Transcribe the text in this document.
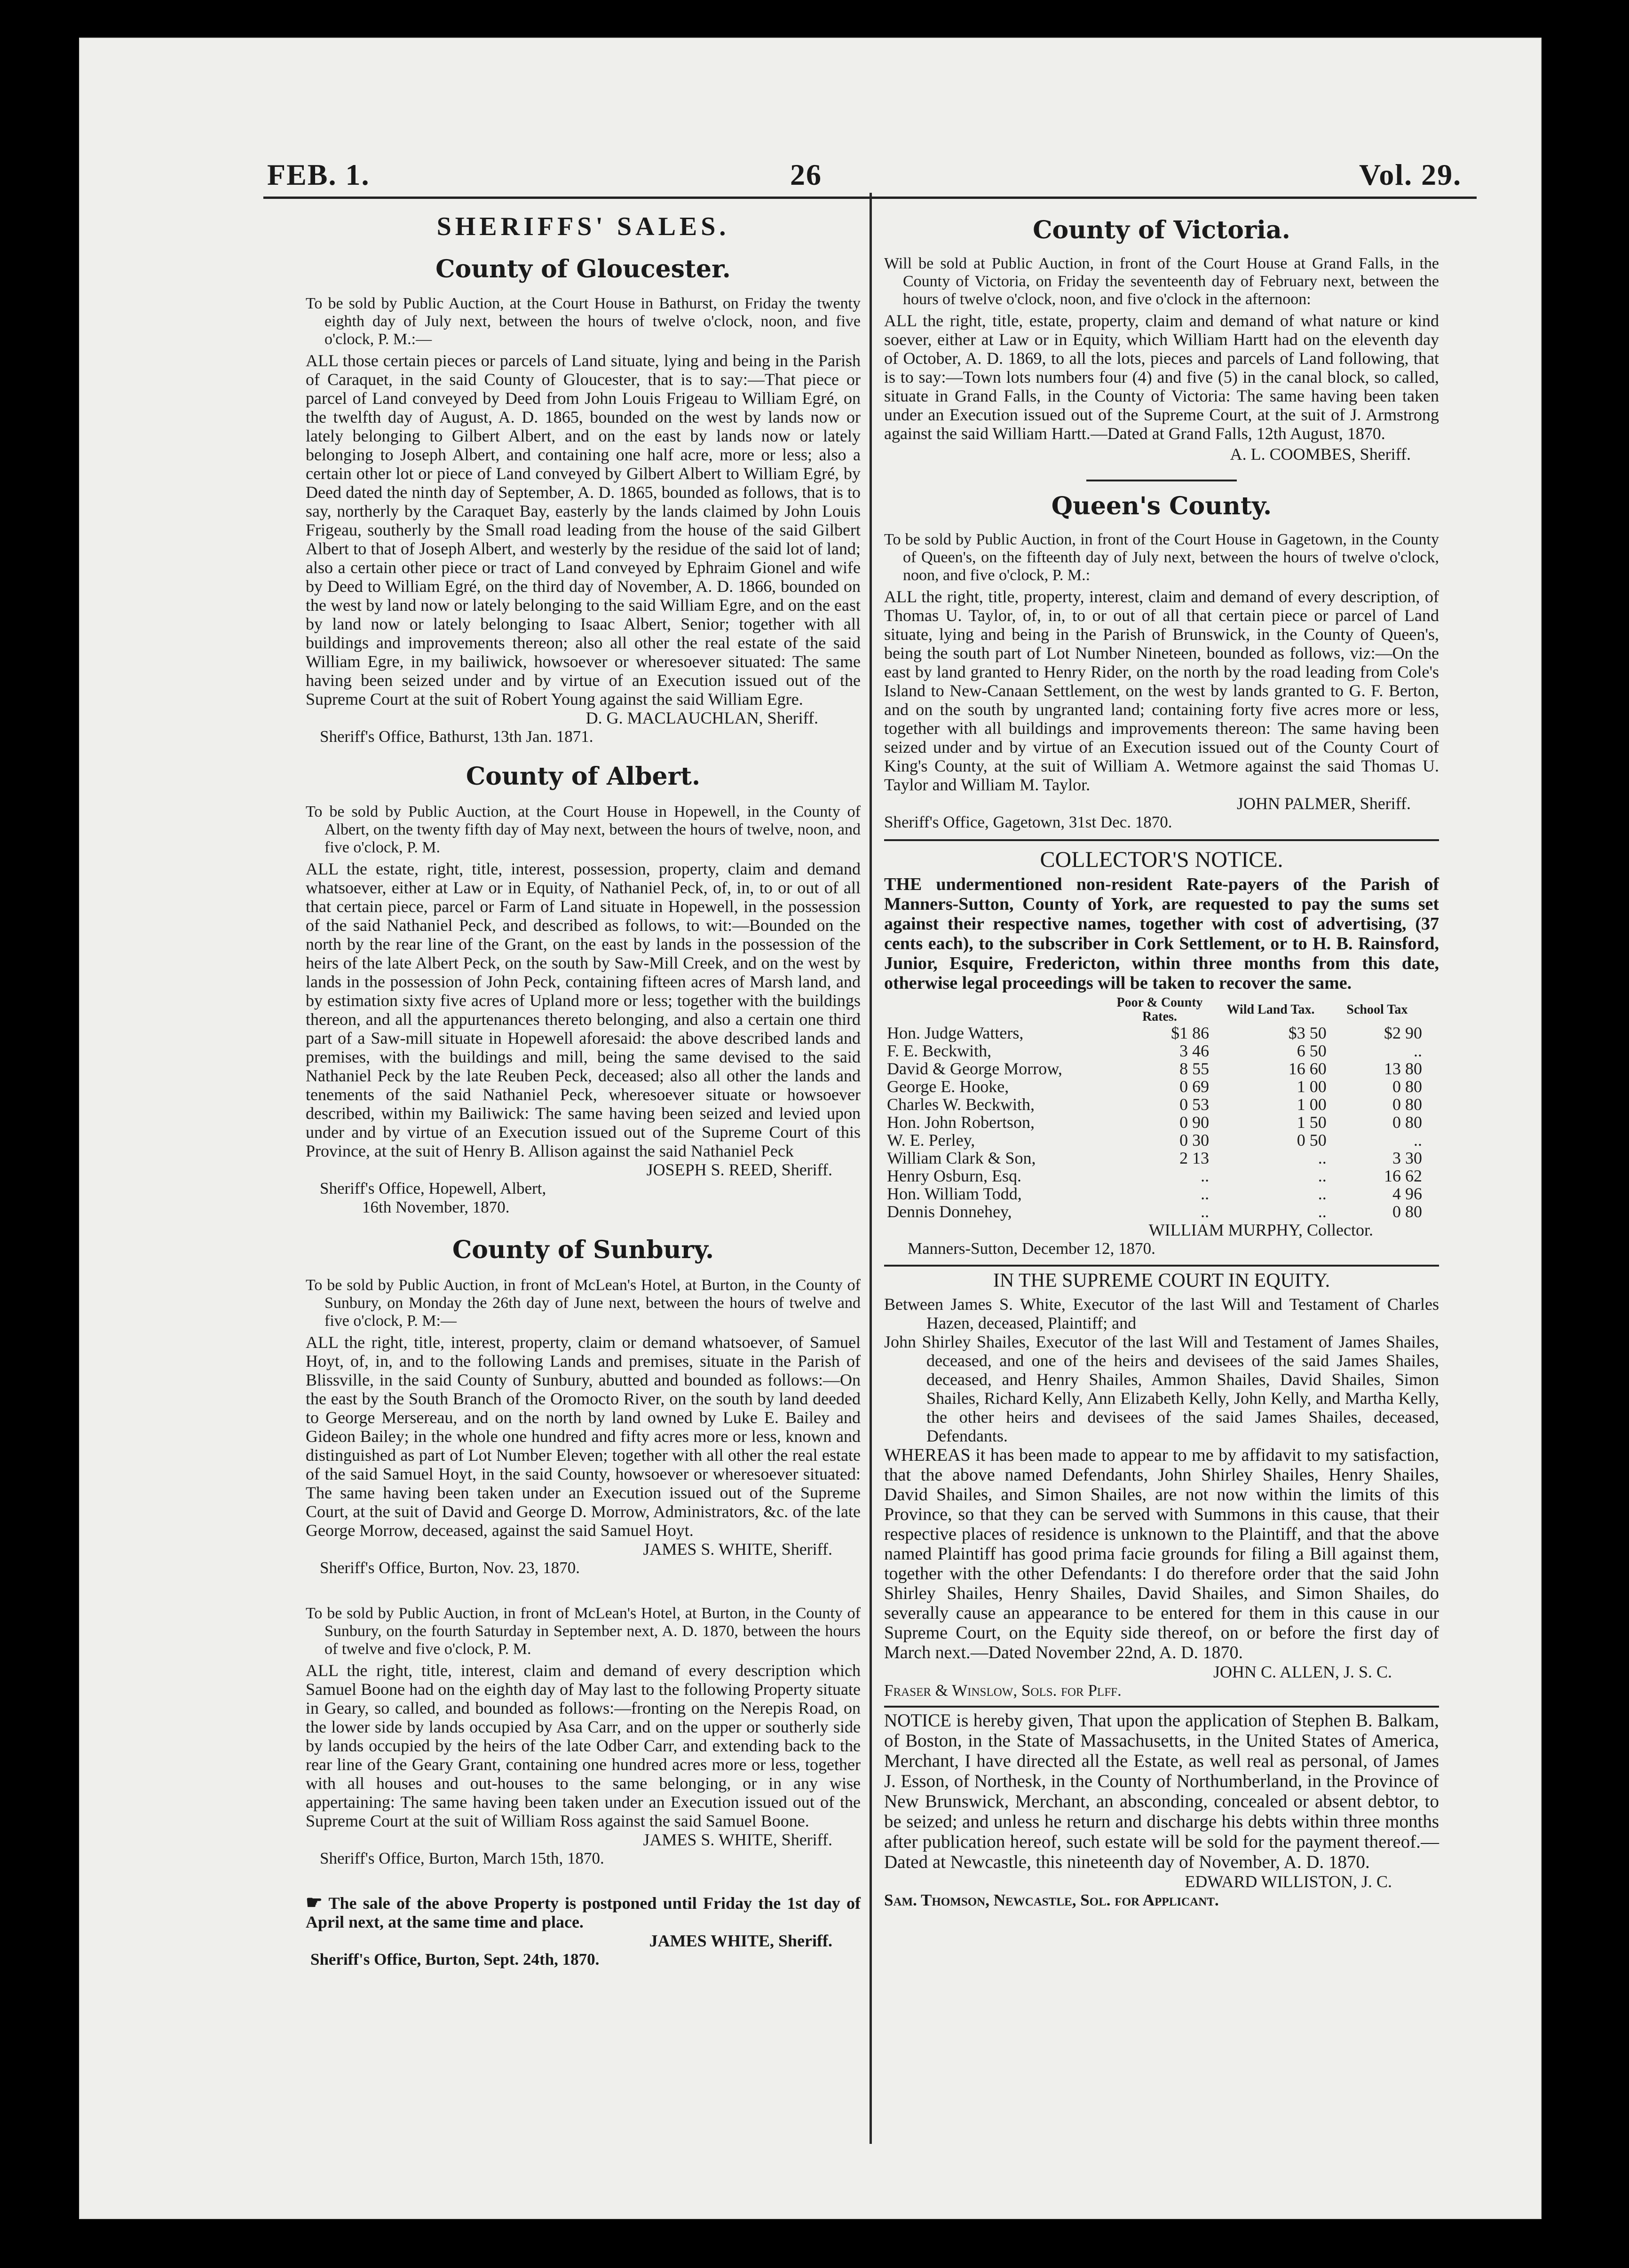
FEB. 1.	26	Vol. 29.
SHERIFFS' SALES.
County of Gloucester.
To be sold by Public Auction, at the Court House in Bathurst, on Friday the twenty eighth day of July next, between the hours of twelve o'clock, noon, and five o'clock, P. M.:—
ALL those certain pieces or parcels of Land situate, lying and being in the Parish of Caraquet, in the said County of Gloucester, that is to say:—That piece or parcel of Land conveyed by Deed from John Louis Frigeau to William Egré, on the twelfth day of August, A. D. 1865, bounded on the west by lands now or lately belonging to Gilbert Albert, and on the east by lands now or lately belonging to Joseph Albert, and containing one half acre, more or less; also a certain other lot or piece of Land conveyed by Gilbert Albert to William Egré, by Deed dated the ninth day of September, A. D. 1865, bounded as follows, that is to say, northerly by the Caraquet Bay, easterly by the lands claimed by John Louis Frigeau, southerly by the Small road leading from the house of the said Gilbert Albert to that of Joseph Albert, and westerly by the residue of the said lot of land; also a certain other piece or tract of Land conveyed by Ephraim Gionel and wife by Deed to William Egré, on the third day of November, A. D. 1866, bounded on the west by land now or lately belonging to the said William Egre, and on the east by land now or lately belonging to Isaac Albert, Senior; together with all buildings and improvements thereon; also all other the real estate of the said William Egre, in my bailiwick, howsoever or wheresoever situated: The same having been seized under and by virtue of an Execution issued out of the Supreme Court at the suit of Robert Young against the said William Egre.
D. G. MACLAUCHLAN, Sheriff.
Sheriff's Office, Bathurst, 13th Jan. 1871.
County of Albert.
To be sold by Public Auction, at the Court House in Hopewell, in the County of Albert, on the twenty fifth day of May next, between the hours of twelve, noon, and five o'clock, P. M.
ALL the estate, right, title, interest, possession, property, claim and demand whatsoever, either at Law or in Equity, of Nathaniel Peck, of, in, to or out of all that certain piece, parcel or Farm of Land situate in Hopewell, in the possession of the said Nathaniel Peck, and described as follows, to wit:—Bounded on the north by the rear line of the Grant, on the east by lands in the possession of the heirs of the late Albert Peck, on the south by Saw-Mill Creek, and on the west by lands in the possession of John Peck, containing fifteen acres of Marsh land, and by estimation sixty five acres of Upland more or less; together with the buildings thereon, and all the appurtenances thereto belonging, and also a certain one third part of a Saw-mill situate in Hopewell aforesaid: the above described lands and premises, with the buildings and mill, being the same devised to the said Nathaniel Peck by the late Reuben Peck, deceased; also all other the lands and tenements of the said Nathaniel Peck, wheresoever situate or howsoever described, within my Bailiwick: The same having been seized and levied upon under and by virtue of an Execution issued out of the Supreme Court of this Province, at the suit of Henry B. Allison against the said Nathaniel Peck
JOSEPH S. REED, Sheriff.
Sheriff's Office, Hopewell, Albert,
16th November, 1870.
County of Sunbury.
To be sold by Public Auction, in front of McLean's Hotel, at Burton, in the County of Sunbury, on Monday the 26th day of June next, between the hours of twelve and five o'clock, P. M:—
ALL the right, title, interest, property, claim or demand whatsoever, of Samuel Hoyt, of, in, and to the following Lands and premises, situate in the Parish of Blissville, in the said County of Sunbury, abutted and bounded as follows:—On the east by the South Branch of the Oromocto River, on the south by land deeded to George Mersereau, and on the north by land owned by Luke E. Bailey and Gideon Bailey; in the whole one hundred and fifty acres more or less, known and distinguished as part of Lot Number Eleven; together with all other the real estate of the said Samuel Hoyt, in the said County, howsoever or wheresoever situated: The same having been taken under an Execution issued out of the Supreme Court, at the suit of David and George D. Morrow, Administrators, &c. of the late George Morrow, deceased, against the said Samuel Hoyt.
JAMES S. WHITE, Sheriff.
Sheriff's Office, Burton, Nov. 23, 1870.
To be sold by Public Auction, in front of McLean's Hotel, at Burton, in the County of Sunbury, on the fourth Saturday in September next, A. D. 1870, between the hours of twelve and five o'clock, P. M.
ALL the right, title, interest, claim and demand of every description which Samuel Boone had on the eighth day of May last to the following Property situate in Geary, so called, and bounded as follows:—fronting on the Nerepis Road, on the lower side by lands occupied by Asa Carr, and on the upper or southerly side by lands occupied by the heirs of the late Odber Carr, and extending back to the rear line of the Geary Grant, containing one hundred acres more or less, together with all houses and out-houses to the same belonging, or in any wise appertaining: The same having been taken under an Execution issued out of the Supreme Court at the suit of William Ross against the said Samuel Boone.
JAMES S. WHITE, Sheriff.
Sheriff's Office, Burton, March 15th, 1870.
☛ The sale of the above Property is postponed until Friday the 1st day of April next, at the same time and place.
JAMES WHITE, Sheriff.
Sheriff's Office, Burton, Sept. 24th, 1870.
County of Victoria.
Will be sold at Public Auction, in front of the Court House at Grand Falls, in the County of Victoria, on Friday the seventeenth day of February next, between the hours of twelve o'clock, noon, and five o'clock in the afternoon:
ALL the right, title, estate, property, claim and demand of what nature or kind soever, either at Law or in Equity, which William Hartt had on the eleventh day of October, A. D. 1869, to all the lots, pieces and parcels of Land following, that is to say:—Town lots numbers four (4) and five (5) in the canal block, so called, situate in Grand Falls, in the County of Victoria: The same having been taken under an Execution issued out of the Supreme Court, at the suit of J. Armstrong against the said William Hartt.—Dated at Grand Falls, 12th August, 1870.
A. L. COOMBES, Sheriff.
Queen's County.
To be sold by Public Auction, in front of the Court House in Gagetown, in the County of Queen's, on the fifteenth day of July next, between the hours of twelve o'clock, noon, and five o'clock, P. M.:
ALL the right, title, property, interest, claim and demand of every description, of Thomas U. Taylor, of, in, to or out of all that certain piece or parcel of Land situate, lying and being in the Parish of Brunswick, in the County of Queen's, being the south part of Lot Number Nineteen, bounded as follows, viz:—On the east by land granted to Henry Rider, on the north by the road leading from Cole's Island to New-Canaan Settlement, on the west by lands granted to G. F. Berton, and on the south by ungranted land; containing forty five acres more or less, together with all buildings and improvements thereon: The same having been seized under and by virtue of an Execution issued out of the County Court of King's County, at the suit of William A. Wetmore against the said Thomas U. Taylor and William M. Taylor.
JOHN PALMER, Sheriff.
Sheriff's Office, Gagetown, 31st Dec. 1870.
COLLECTOR'S NOTICE.
THE undermentioned non-resident Rate-payers of the Parish of Manners-Sutton, County of York, are requested to pay the sums set against their respective names, together with cost of advertising, (37 cents each), to the subscriber in Cork Settlement, or to H. B. Rainsford, Junior, Esquire, Fredericton, within three months from this date, otherwise legal proceedings will be taken to recover the same.
	Poor & County Rates.	Wild Land Tax.	School Tax
Hon. Judge Watters,	$1 86	$3 50	$2 90
F. E. Beckwith,	3 46	6 50	..
David & George Morrow,	8 55	16 60	13 80
George E. Hooke,	0 69	1 00	0 80
Charles W. Beckwith,	0 53	1 00	0 80
Hon. John Robertson,	0 90	1 50	0 80
W. E. Perley,	0 30	0 50	..
William Clark & Son,	2 13	..	3 30
Henry Osburn, Esq.	..	..	16 62
Hon. William Todd,	..	..	4 96
Dennis Donnehey,	..	..	0 80
WILLIAM MURPHY, Collector.
Manners-Sutton, December 12, 1870.
IN THE SUPREME COURT IN EQUITY.
Between James S. White, Executor of the last Will and Testament of Charles Hazen, deceased, Plaintiff; and
John Shirley Shailes, Executor of the last Will and Testament of James Shailes, deceased, and one of the heirs and devisees of the said James Shailes, deceased, and Henry Shailes, Ammon Shailes, David Shailes, Simon Shailes, Richard Kelly, Ann Elizabeth Kelly, John Kelly, and Martha Kelly, the other heirs and devisees of the said James Shailes, deceased, Defendants.
WHEREAS it has been made to appear to me by affidavit to my satisfaction, that the above named Defendants, John Shirley Shailes, Henry Shailes, David Shailes, and Simon Shailes, are not now within the limits of this Province, so that they can be served with Summons in this cause, that their respective places of residence is unknown to the Plaintiff, and that the above named Plaintiff has good prima facie grounds for filing a Bill against them, together with the other Defendants: I do therefore order that the said John Shirley Shailes, Henry Shailes, David Shailes, and Simon Shailes, do severally cause an appearance to be entered for them in this cause in our Supreme Court, on the Equity side thereof, on or before the first day of March next.—Dated November 22nd, A. D. 1870.
JOHN C. ALLEN, J. S. C.
Fraser & Winslow, Sols. for Plff.
NOTICE is hereby given, That upon the application of Stephen B. Balkam, of Boston, in the State of Massachusetts, in the United States of America, Merchant, I have directed all the Estate, as well real as personal, of James J. Esson, of Northesk, in the County of Northumberland, in the Province of New Brunswick, Merchant, an absconding, concealed or absent debtor, to be seized; and unless he return and discharge his debts within three months after publication hereof, such estate will be sold for the payment thereof.—Dated at Newcastle, this nineteenth day of November, A. D. 1870.
EDWARD WILLISTON, J. C.
Sam. Thomson, Newcastle, Sol. for Applicant.
